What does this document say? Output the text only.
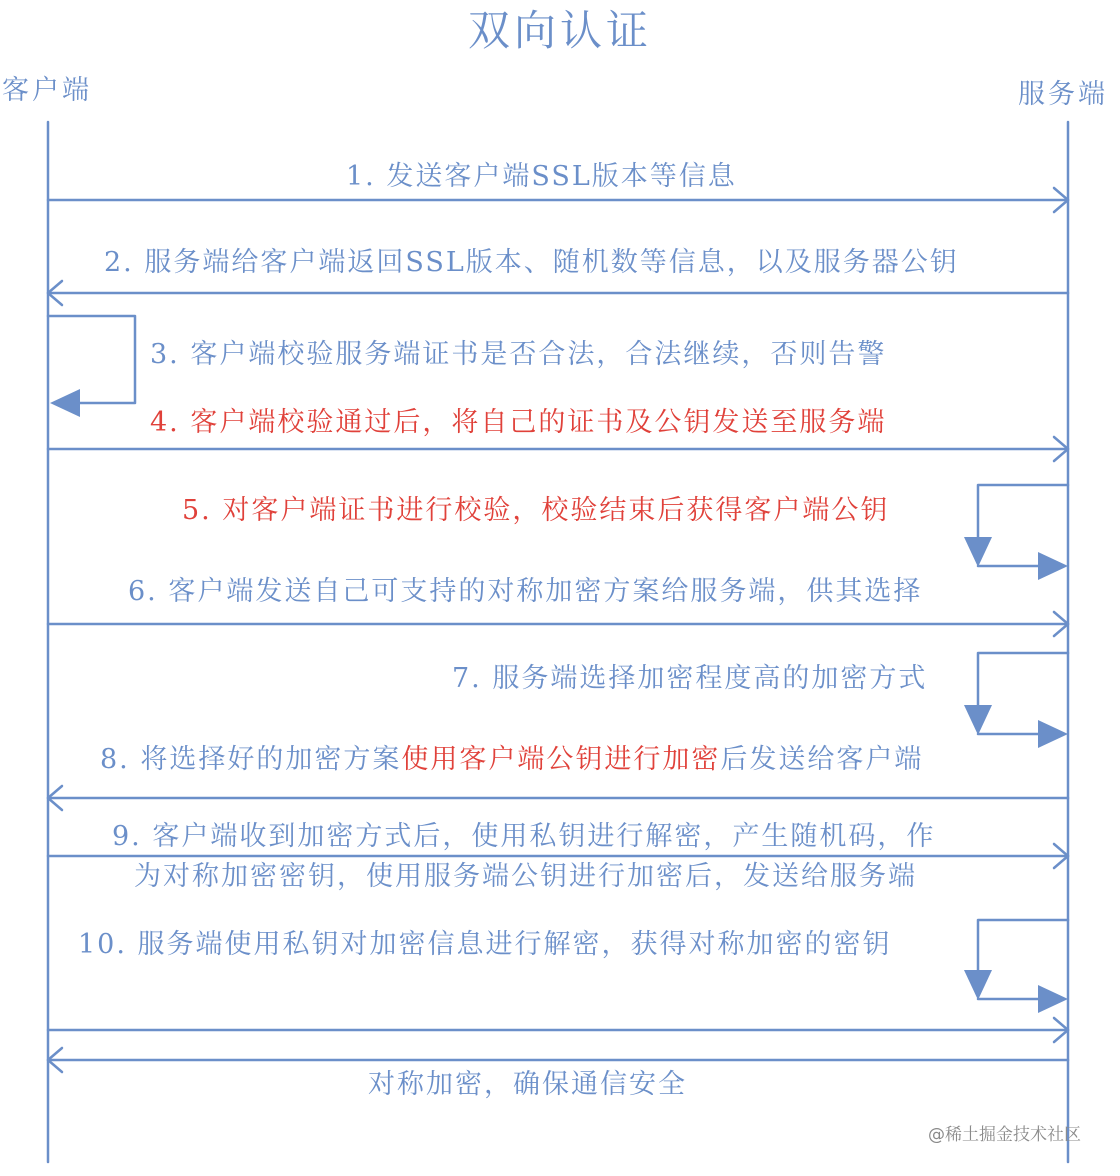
双向认证
客户端	服务端
1. 发送客户端SSL版本等信息
2. 服务端给客户端返回SSL版本、随机数等信息，以及服务器公钥
3. 客户端校验服务端证书是否合法，合法继续，否则告警
4. 客户端校验通过后，将自己的证书及公钥发送至服务端
5. 对客户端证书进行校验，校验结束后获得客户端公钥
6. 客户端发送自己可支持的对称加密方案给服务端，供其选择
7. 服务端选择加密程度高的加密方式
8. 将选择好的加密方案使用客户端公钥进行加密后发送给客户端
9. 客户端收到加密方式后，使用私钥进行解密，产生随机码，作
为对称加密密钥，使用服务端公钥进行加密后，发送给服务端
10. 服务端使用私钥对加密信息进行解密，获得对称加密的密钥
对称加密，确保通信安全
@稀土掘金技术社区
